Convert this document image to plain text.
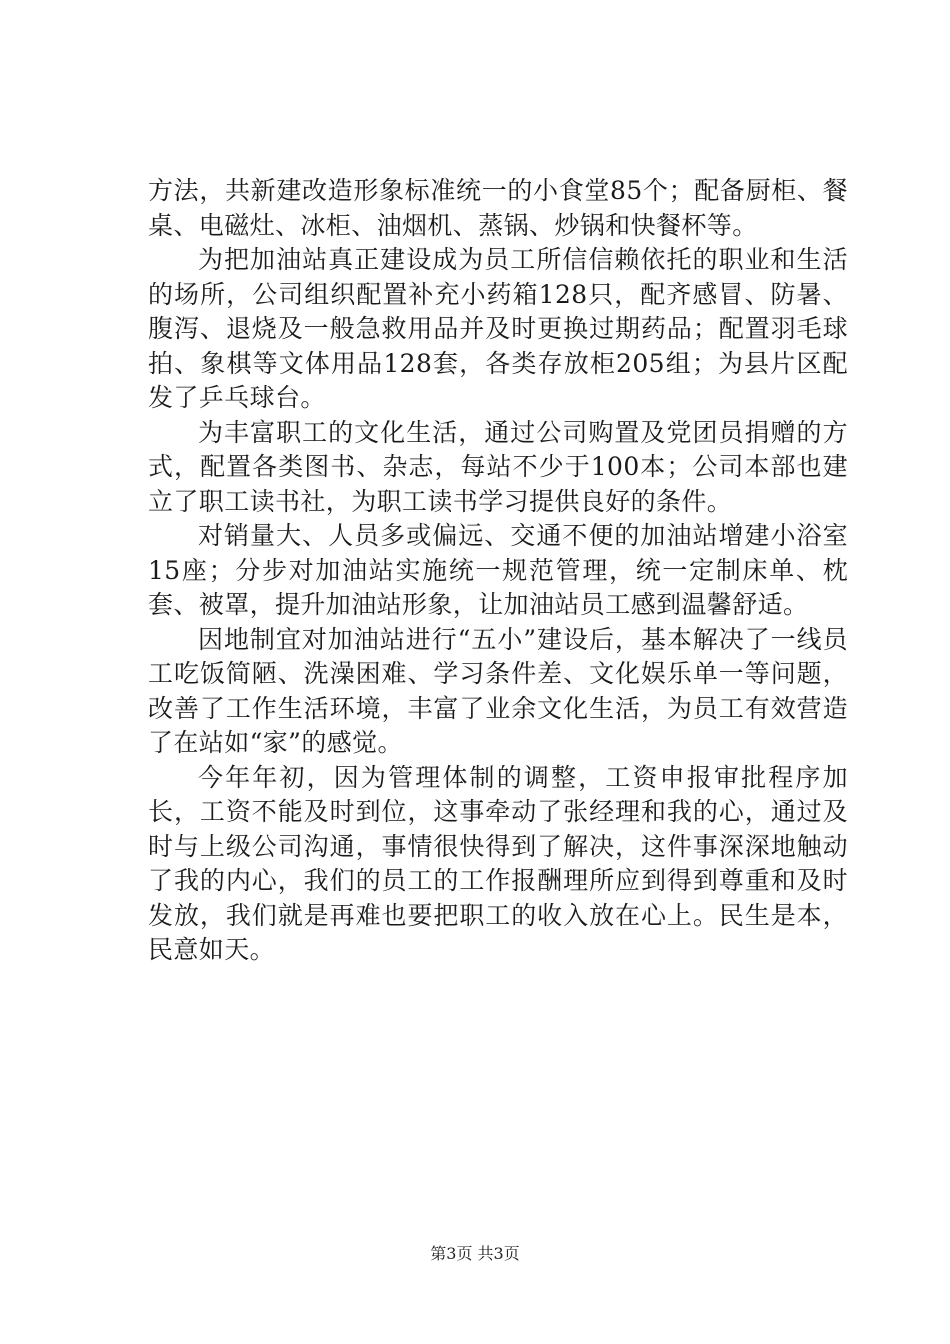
方法，共新建改造形象标准统一的小食堂85个；配备厨柜、餐桌、电磁灶、冰柜、油烟机、蒸锅、炒锅和快餐杯等。

为把加油站真正建设成为员工所信信赖依托的职业和生活的场所，公司组织配置补充小药箱128只，配齐感冒、防暑、腹泻、退烧及一般急救用品并及时更换过期药品；配置羽毛球拍、象棋等文体用品128套，各类存放柜205组；为县片区配发了乒乓球台。

为丰富职工的文化生活，通过公司购置及党团员捐赠的方式，配置各类图书、杂志，每站不少于100本；公司本部也建立了职工读书社，为职工读书学习提供良好的条件。

对销量大、人员多或偏远、交通不便的加油站增建小浴室15座；分步对加油站实施统一规范管理，统一定制床单、枕套、被罩，提升加油站形象，让加油站员工感到温馨舒适。

因地制宜对加油站进行“五小”建设后，基本解决了一线员工吃饭简陋、洗澡困难、学习条件差、文化娱乐单一等问题，改善了工作生活环境，丰富了业余文化生活，为员工有效营造了在站如“家”的感觉。

今年年初，因为管理体制的调整，工资申报审批程序加长，工资不能及时到位，这事牵动了张经理和我的心，通过及时与上级公司沟通，事情很快得到了解决，这件事深深地触动了我的内心，我们的员工的工作报酬理所应到得到尊重和及时发放，我们就是再难也要把职工的收入放在心上。民生是本，民意如天。

第3页 共3页
